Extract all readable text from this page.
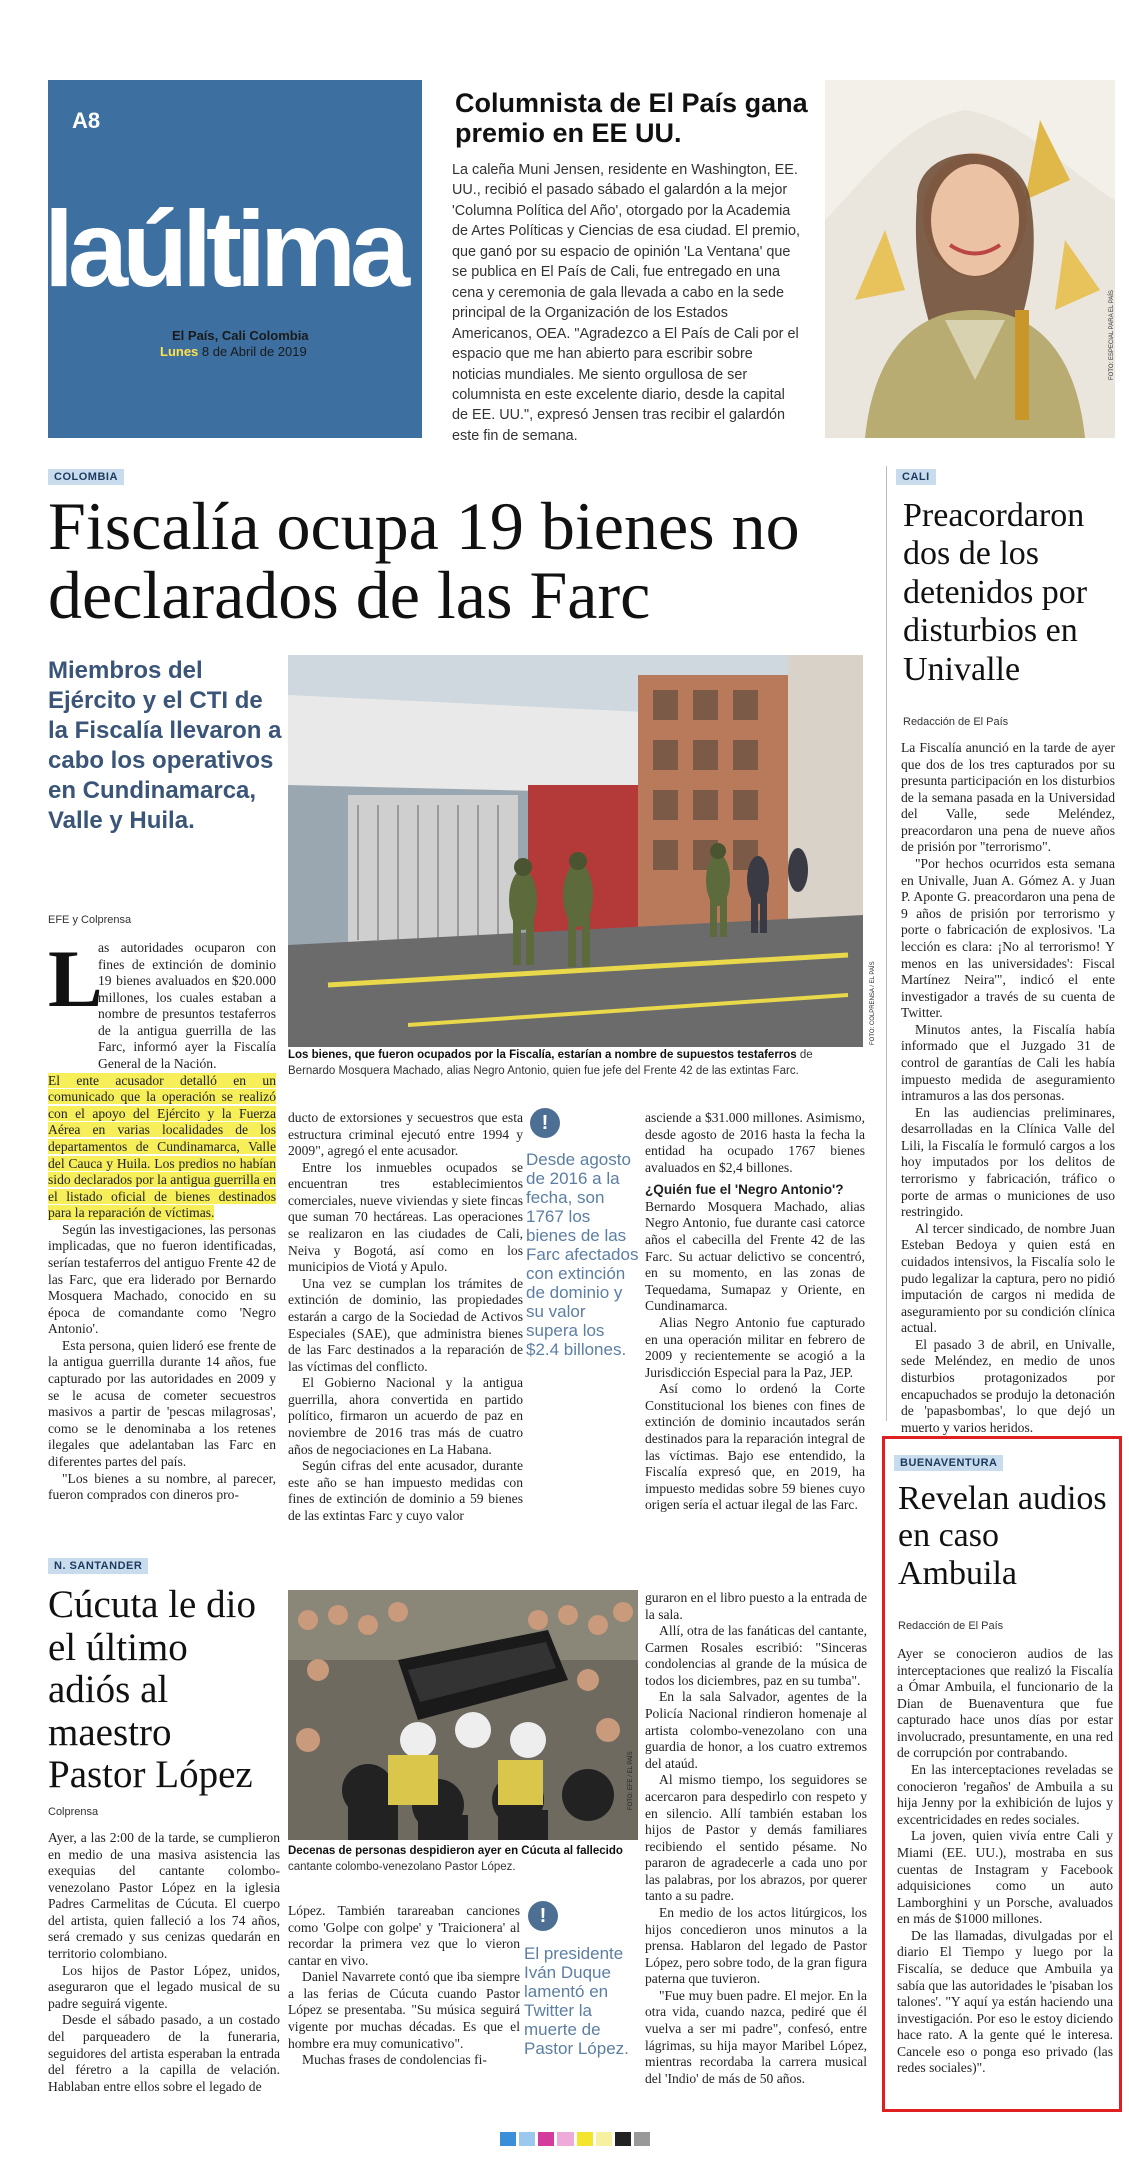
A8
laúltima
El País, Cali Colombia
Lunes 8 de Abril de 2019
Columnista de El País gana premio en EE UU.
La caleña Muni Jensen, residente en Washington, EE. UU., recibió el pasado sábado el galardón a la mejor 'Columna Política del Año', otorgado por la Academia de Artes Políticas y Ciencias de esa ciudad. El premio, que ganó por su espacio de opinión 'La Ventana' que se publica en El País de Cali, fue entregado en una cena y ceremonia de gala llevada a cabo en la sede principal de la Organización de los Estados Americanos, OEA. "Agradezco a El País de Cali por el espacio que me han abierto para escribir sobre noticias mundiales. Me siento orgullosa de ser columnista en este excelente diario, desde la capital de EE. UU.", expresó Jensen tras recibir el galardón este fin de semana.
FOTO: ESPECIAL PARA EL PAÍS
COLOMBIA
Fiscalía ocupa 19 bienes no declarados de las Farc
Miembros del Ejército y el CTI de la Fiscalía llevaron a cabo los operativos en Cundinamarca, Valle y Huila.
FOTO: COLPRENSA / EL PAÍS
Los bienes, que fueron ocupados por la Fiscalía, estarían a nombre de supuestos testaferros de Bernardo Mosquera Machado, alias Negro Antonio, quien fue jefe del Frente 42 de las extintas Farc.
EFE y Colprensa
L

as autoridades ocuparon con fines de extinción de dominio 19 bienes avaluados en $20.000 millones, los cuales estaban a nombre de presuntos testaferros de la antigua guerrilla de las Farc, informó ayer la Fiscalía General de la Nación.

El ente acusador detalló en un comunicado que la operación se realizó con el apoyo del Ejército y la Fuerza Aérea en varias localidades de los departamentos de Cundinamarca, Valle del Cauca y Huila. Los predios no habían sido declarados por la antigua guerrilla en el listado oficial de bienes destinados para la reparación de víctimas.

Según las investigaciones, las personas implicadas, que no fueron identificadas, serían testaferros del antiguo Frente 42 de las Farc, que era liderado por Bernardo Mosquera Machado, conocido en su época de comandante como 'Negro Antonio'.

Esta persona, quien lideró ese frente de la antigua guerrilla durante 14 años, fue capturado por las autoridades en 2009 y se le acusa de cometer secuestros masivos a partir de 'pescas milagrosas', como se le denominaba a los retenes ilegales que adelantaban las Farc en diferentes partes del país.

"Los bienes a su nombre, al parecer, fueron comprados con dineros pro-

ducto de extorsiones y secuestros que esta estructura criminal ejecutó entre 1994 y 2009", agregó el ente acusador.

Entre los inmuebles ocupados se encuentran tres establecimientos comerciales, nueve viviendas y siete fincas que suman 70 hectáreas. Las operaciones se realizaron en las ciudades de Cali, Neiva y Bogotá, así como en los municipios de Viotá y Apulo.

Una vez se cumplan los trámites de extinción de dominio, las propiedades estarán a cargo de la Sociedad de Activos Especiales (SAE), que administra bienes de las Farc destinados a la reparación de las víctimas del conflicto.

El Gobierno Nacional y la antigua guerrilla, ahora convertida en partido político, firmaron un acuerdo de paz en noviembre de 2016 tras más de cuatro años de negociaciones en La Habana.

Según cifras del ente acusador, durante este año se han impuesto medidas con fines de extinción de dominio a 59 bienes de las extintas Farc y cuyo valor

!
Desde agosto de 2016 a la fecha, son 1767 los bienes de las Farc afectados con extinción de dominio y su valor supera los $2.4 billones.

asciende a $31.000 millones. Asimismo, desde agosto de 2016 hasta la fecha la entidad ha ocupado 1767 bienes avaluados en $2,4 billones.

¿Quién fue el 'Negro Antonio'?

Bernardo Mosquera Machado, alias Negro Antonio, fue durante casi catorce años el cabecilla del Frente 42 de las Farc. Su actuar delictivo se concentró, en su momento, en las zonas de Tequedama, Sumapaz y Oriente, en Cundinamarca.

Alias Negro Antonio fue capturado en una operación militar en febrero de 2009 y recientemente se acogió a la Jurisdicción Especial para la Paz, JEP.

Así como lo ordenó la Corte Constitucional los bienes con fines de extinción de dominio incautados serán destinados para la reparación integral de las víctimas. Bajo ese entendido, la Fiscalía expresó que, en 2019, ha impuesto medidas sobre 59 bienes cuyo origen sería el actuar ilegal de las Farc.

CALI
Preacordaron dos de los detenidos por disturbios en Univalle
Redacción de El País

La Fiscalía anunció en la tarde de ayer que dos de los tres capturados por su presunta participación en los disturbios de la semana pasada en la Universidad del Valle, sede Meléndez, preacordaron una pena de nueve años de prisión por "terrorismo".

"Por hechos ocurridos esta semana en Univalle, Juan A. Gómez A. y Juan P. Aponte G. preacordaron una pena de 9 años de prisión por terrorismo y porte o fabricación de explosivos. 'La lección es clara: ¡No al terrorismo! Y menos en las universidades': Fiscal Martínez Neira'", indicó el ente investigador a través de su cuenta de Twitter.

Minutos antes, la Fiscalía había informado que el Juzgado 31 de control de garantías de Cali les había impuesto medida de aseguramiento intramuros a las dos personas.

En las audiencias preliminares, desarrolladas en la Clínica Valle del Lili, la Fiscalía le formuló cargos a los hoy imputados por los delitos de terrorismo y fabricación, tráfico o porte de armas o municiones de uso restringido.

Al tercer sindicado, de nombre Juan Esteban Bedoya y quien está en cuidados intensivos, la Fiscalía solo le pudo legalizar la captura, pero no pidió imputación de cargos ni medida de aseguramiento por su condición clínica actual.

El pasado 3 de abril, en Univalle, sede Meléndez, en medio de unos disturbios protagonizados por encapuchados se produjo la detonación de 'papasbombas', lo que dejó un muerto y varios heridos.

BUENAVENTURA
Revelan audios en caso Ambuila
Redacción de El País

Ayer se conocieron audios de las interceptaciones que realizó la Fiscalía a Ómar Ambuila, el funcionario de la Dian de Buenaventura que fue capturado hace unos días por estar involucrado, presuntamente, en una red de corrupción por contrabando.

En las interceptaciones reveladas se conocieron 'regaños' de Ambuila a su hija Jenny por la exhibición de lujos y excentricidades en redes sociales.

La joven, quien vivía entre Cali y Miami (EE. UU.), mostraba en sus cuentas de Instagram y Facebook adquisiciones como un auto Lamborghini y un Porsche, avaluados en más de $1000 millones.

De las llamadas, divulgadas por el diario El Tiempo y luego por la Fiscalía, se deduce que Ambuila ya sabía que las autoridades le 'pisaban los talones'. "Y aquí ya están haciendo una investigación. Por eso le estoy diciendo hace rato. A la gente qué le interesa. Cancele eso o ponga eso privado (las redes sociales)".

N. SANTANDER
Cúcuta le dio el último adiós al maestro Pastor López
Colprensa

Ayer, a las 2:00 de la tarde, se cumplieron en medio de una masiva asistencia las exequias del cantante colombo-venezolano Pastor López en la iglesia Padres Carmelitas de Cúcuta. El cuerpo del artista, quien falleció a los 74 años, será cremado y sus cenizas quedarán en territorio colombiano.

Los hijos de Pastor López, unidos, aseguraron que el legado musical de su padre seguirá vigente.

Desde el sábado pasado, a un costado del parqueadero de la funeraria, seguidores del artista esperaban la entrada del féretro a la capilla de velación. Hablaban entre ellos sobre el legado de

FOTO: EFE / EL PAÍS
Decenas de personas despidieron ayer en Cúcuta al fallecido cantante colombo-venezolano Pastor López.

López. También tarareaban canciones como 'Golpe con golpe' y 'Traicionera' al recordar la primera vez que lo vieron cantar en vivo.

Daniel Navarrete contó que iba siempre a las ferias de Cúcuta cuando Pastor López se presentaba. "Su música seguirá vigente por muchas décadas. Es que el hombre era muy comunicativo".

Muchas frases de condolencias fi-

!
El presidente Iván Duque lamentó en Twitter la muerte de Pastor López.

guraron en el libro puesto a la entrada de la sala.

Allí, otra de las fanáticas del cantante, Carmen Rosales escribió: "Sinceras condolencias al grande de la música de todos los diciembres, paz en su tumba".

En la sala Salvador, agentes de la Policía Nacional rindieron homenaje al artista colombo-venezolano con una guardia de honor, a los cuatro extremos del ataúd.

Al mismo tiempo, los seguidores se acercaron para despedirlo con respeto y en silencio. Allí también estaban los hijos de Pastor y demás familiares recibiendo el sentido pésame. No pararon de agradecerle a cada uno por las palabras, por los abrazos, por querer tanto a su padre.

En medio de los actos litúrgicos, los hijos concedieron unos minutos a la prensa. Hablaron del legado de Pastor López, pero sobre todo, de la gran figura paterna que tuvieron.

"Fue muy buen padre. El mejor. En la otra vida, cuando nazca, pediré que él vuelva a ser mi padre", confesó, entre lágrimas, su hija mayor Maribel López, mientras recordaba la carrera musical del 'Indio' de más de 50 años.
